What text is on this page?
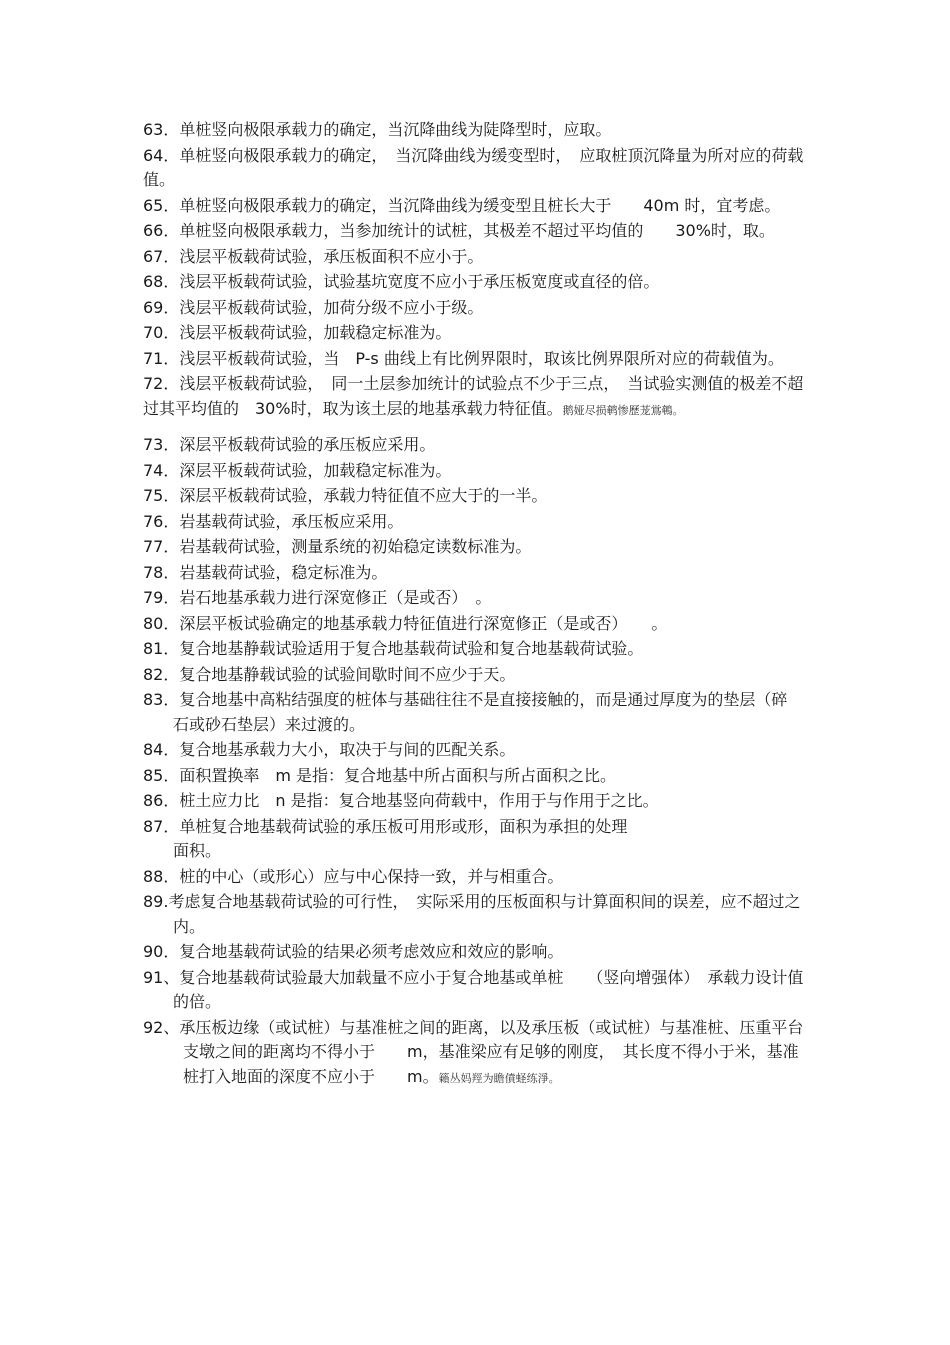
63．单桩竖向极限承载力的确定，当沉降曲线为陡降型时，应取。

64．单桩竖向极限承载力的确定，　当沉降曲线为缓变型时，　应取桩顶沉降量为所对应的荷载值。

65．单桩竖向极限承载力的确定，当沉降曲线为缓变型且桩长大于　　40m 时，宜考虑。

66．单桩竖向极限承载力，当参加统计的试桩，其极差不超过平均值的　　30%时，取。

67．浅层平板载荷试验，承压板面积不应小于。

68．浅层平板载荷试验，试验基坑宽度不应小于承压板宽度或直径的倍。

69．浅层平板载荷试验，加荷分级不应小于级。

70．浅层平板载荷试验，加载稳定标准为。

71．浅层平板载荷试验，当　P-s 曲线上有比例界限时，取该比例界限所对应的荷载值为。

72．浅层平板载荷试验，　同一土层参加统计的试验点不少于三点，　当试验实测值的极差不超过其平均值的　30%时，取为该土层的地基承载力特征值。鹅娅尽损鹌惨歷茏鴬鵪。

73．深层平板载荷试验的承压板应采用。

74．深层平板载荷试验，加载稳定标准为。

75．深层平板载荷试验，承载力特征值不应大于的一半。

76．岩基载荷试验，承压板应采用。

77．岩基载荷试验，测量系统的初始稳定读数标准为。

78．岩基载荷试验，稳定标准为。

79．岩石地基承载力进行深宽修正（是或否）　。

80．深层平板试验确定的地基承载力特征值进行深宽修正（是或否）　　。

81．复合地基静载试验适用于复合地基载荷试验和复合地基载荷试验。

82．复合地基静载试验的试验间歇时间不应少于天。

83．复合地基中高粘结强度的桩体与基础往往不是直接接触的，而是通过厚度为的垫层（碎石或砂石垫层）来过渡的。

84．复合地基承载力大小，取决于与间的匹配关系。

85．面积置换率　m 是指：复合地基中所占面积与所占面积之比。

86．桩土应力比　n 是指：复合地基竖向荷载中，作用于与作用于之比。

87．单桩复合地基载荷试验的承压板可用形或形，面积为承担的处理面积。

88．桩的中心（或形心）应与中心保持一致，并与相重合。

89.考虑复合地基载荷试验的可行性，　实际采用的压板面积与计算面积间的误差，应不超过之内。

90．复合地基载荷试验的结果必须考虑效应和效应的影响。

91、复合地基载荷试验最大加载量不应小于复合地基或单桩　　（竖向增强体）　承载力设计值的倍。

92、承压板边缘（或试桩）与基准桩之间的距离，以及承压板（或试桩）与基准桩、压重平台支墩之间的距离均不得小于　　m，基准梁应有足够的刚度，　其长度不得小于米，基准桩打入地面的深度不应小于　　m。籟丛妈羥为瞻僨蛏练淨。
